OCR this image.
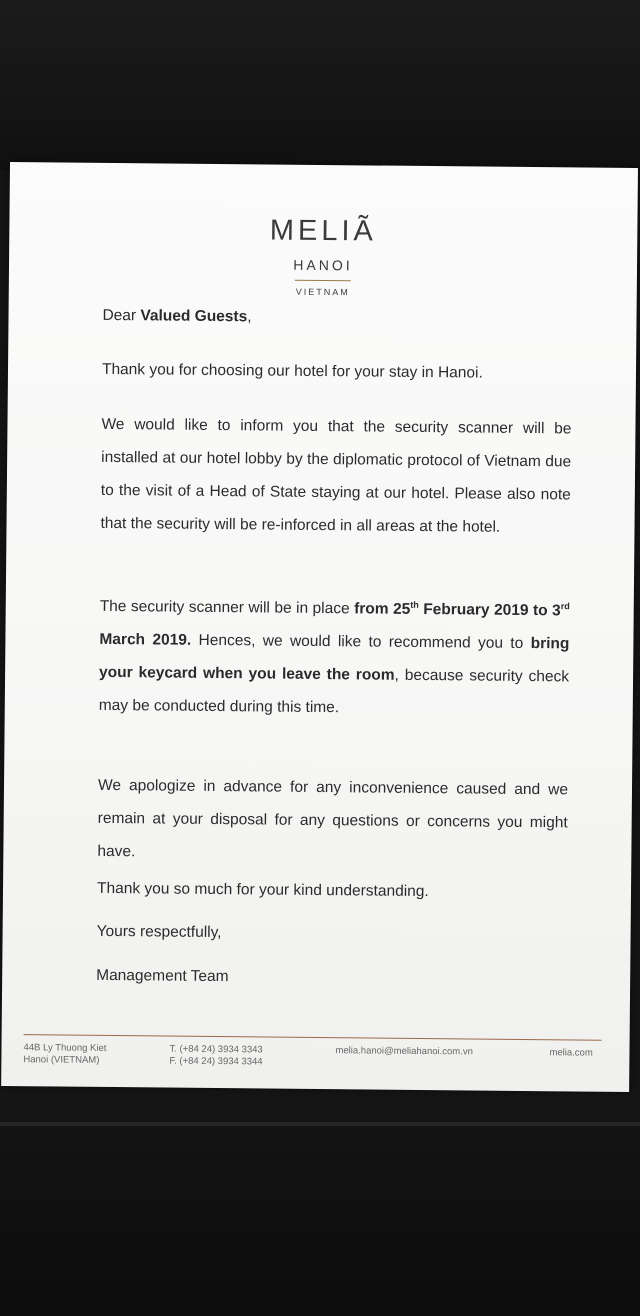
MELIÃ
HANOI
VIETNAM
Dear Valued Guests,

Thank you for choosing our hotel for your stay in Hanoi.

We would like to inform you that the security scanner will be installed at our hotel lobby by the diplomatic protocol of Vietnam due to the visit of a Head of State staying at our hotel. Please also note that the security will be re-inforced in all areas at the hotel.

The security scanner will be in place from 25th February 2019 to 3rd March 2019. Hences, we would like to recommend you to bring your keycard when you leave the room, because security check may be conducted during this time.

We apologize in advance for any inconvenience caused and we remain at your disposal for any questions or concerns you might have.

Thank you so much for your kind understanding.

Yours respectfully,

Management Team

44B Ly Thuong Kiet
Hanoi (VIETNAM)
T. (+84 24) 3934 3343
F. (+84 24) 3934 3344
melia.hanoi@meliahanoi.com.vn	melia.com
